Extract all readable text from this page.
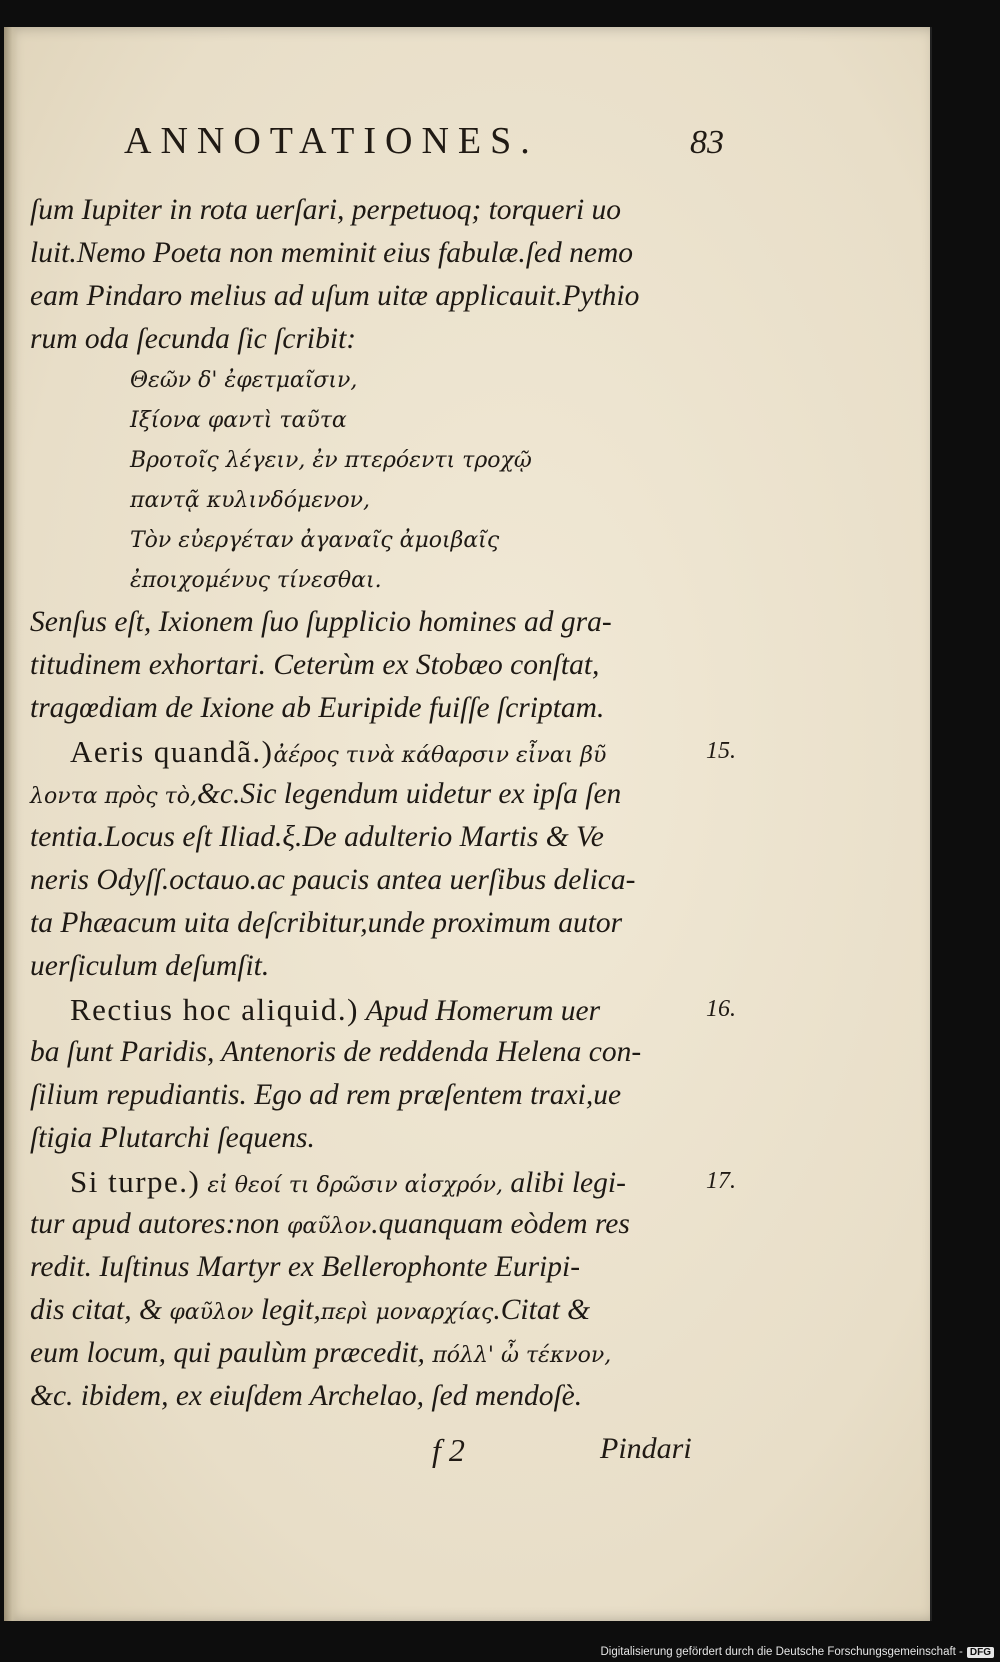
ANNOTATIONES.	83
ſum Iupiter in rota uerſari, perpetuoq; torqueri uo
luit.Nemo Poeta non meminit eius fabulæ.ſed nemo
eam Pindaro melius ad uſum uitæ applicauit.Pythio
rum oda ſecunda ſic ſcribit:
Θεῶν δ' ἐφετμαῖσιν,
Ιξίονα φαντὶ ταῦτα
Βροτοῖς λέγειν, ἐν πτερόεντι τροχῷ
παντᾷ κυλινδόμενον,
Τὸν εὐεργέταν ἀγαναῖς ἀμοιβαῖς
ἐποιχομένυς τίνεσθαι.
Senſus eſt, Ixionem ſuo ſupplicio homines ad gra-
titudinem exhortari. Ceterùm ex Stobæo conſtat,
tragœdiam de Ixione ab Euripide fuiſſe ſcriptam.
Aeris quandã.)ἀέρος τινὰ κάθαρσιν εἶναι βῦ
λοντα πρὸς τὸ,&c.Sic legendum uidetur ex ipſa ſen
tentia.Locus eſt Iliad.ξ.De adulterio Martis & Ve
neris Odyſſ.octauo.ac paucis antea uerſibus delica-
ta Phæacum uita deſcribitur,unde proximum autor
uerſiculum deſumſit.
Rectius hoc aliquid.) Apud Homerum uer
ba ſunt Paridis, Antenoris de reddenda Helena con-
ſilium repudiantis. Ego ad rem præſentem traxi,ue
ſtigia Plutarchi ſequens.
Si turpe.) εἰ θεοί τι δρῶσιν αἰσχρόν, alibi legi-
tur apud autores:non φαῦλον.quanquam eòdem res
redit. Iuſtinus Martyr ex Bellerophonte Euripi-
dis citat, & φαῦλον legit,περὶ μοναρχίας.Citat &
eum locum, qui paulùm præcedit, πόλλ' ὦ τέκνον,
&c. ibidem, ex eiuſdem Archelao, ſed mendoſè.
15.
16.
17.
f 2	Pindari
Digitalisierung gefördert durch die Deutsche Forschungsgemeinschaft - DFG
